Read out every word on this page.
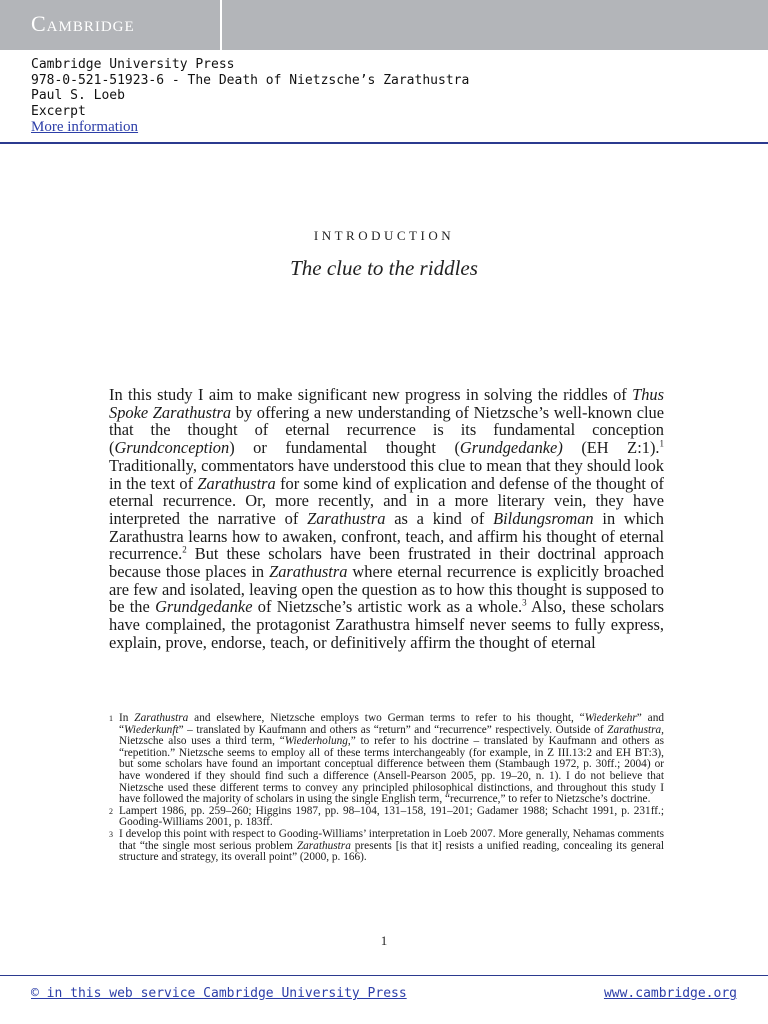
Cambridge
Cambridge University Press
978-0-521-51923-6 - The Death of Nietzsche’s Zarathustra
Paul S. Loeb
Excerpt
More information
INTRODUCTION
The clue to the riddles

In this study I aim to make significant new progress in solving the riddles of Thus Spoke Zarathustra by offering a new understanding of Nietzsche’s well-known clue that the thought of eternal recurrence is its fundamental conception (Grundconception) or fundamental thought (Grundgedanke) (EH Z:1).$^1$ Traditionally, commentators have understood this clue to mean that they should look in the text of Zarathustra for some kind of explication and defense of the thought of eternal recurrence. Or, more recently, and in a more literary vein, they have interpreted the narrative of Zarathustra as a kind of Bildungsroman in which Zarathustra learns how to awaken, confront, teach, and affirm his thought of eternal recurrence.$^2$ But these scholars have been frustrated in their doctrinal approach because those places in Zarathustra where eternal recurrence is explicitly broached are few and isolated, leaving open the question as to how this thought is supposed to be the Grundgedanke of Nietzsche’s artistic work as a whole.$^3$ Also, these scholars have complained, the protagonist Zarathustra himself never seems to fully express, explain, prove, endorse, teach, or definitively affirm the thought of eternal

1 In Zarathustra and elsewhere, Nietzsche employs two German terms to refer to his thought, “Wiederkehr” and “Wiederkunft” – translated by Kaufmann and others as “return” and “recurrence” respectively. Outside of Zarathustra, Nietzsche also uses a third term, “Wiederholung,” to refer to his doctrine – translated by Kaufmann and others as “repetition.” Nietzsche seems to employ all of these terms interchangeably (for example, in Z III.13:2 and EH BT:3), but some scholars have found an important conceptual difference between them (Stambaugh 1972, p. 30ff.; 2004) or have wondered if they should find such a difference (Ansell-Pearson 2005, pp. 19–20, n. 1). I do not believe that Nietzsche used these different terms to convey any principled philosophical distinctions, and throughout this study I have followed the majority of scholars in using the single English term, “recurrence,” to refer to Nietzsche’s doctrine.

2 Lampert 1986, pp. 259–260; Higgins 1987, pp. 98–104, 131–158, 191–201; Gadamer 1988; Schacht 1991, p. 231ff.; Gooding-Williams 2001, p. 183ff.

3 I develop this point with respect to Gooding-Williams’ interpretation in Loeb 2007. More generally, Nehamas comments that “the single most serious problem Zarathustra presents [is that it] resists a unified reading, concealing its general structure and strategy, its overall point” (2000, p. 166).

1
© in this web service Cambridge University Press	www.cambridge.org
